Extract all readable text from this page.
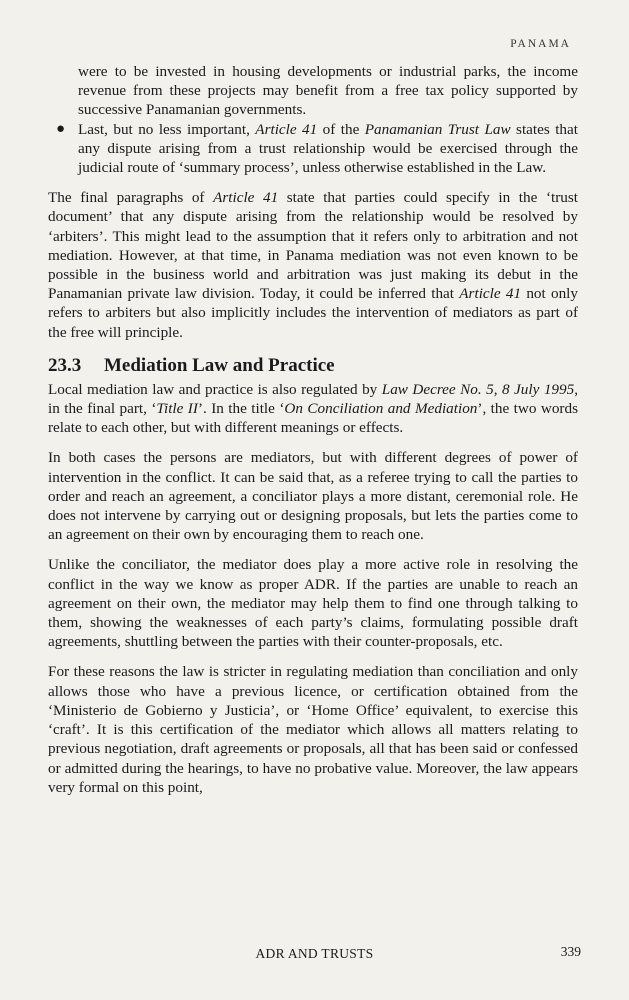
PANAMA

were to be invested in housing developments or industrial parks, the income revenue from these projects may benefit from a free tax policy supported by successive Panamanian governments.

● Last, but no less important, Article 41 of the Panamanian Trust Law states that any dispute arising from a trust relationship would be exercised through the judicial route of ‘summary process’, unless otherwise established in the Law.

The final paragraphs of Article 41 state that parties could specify in the ‘trust document’ that any dispute arising from the relationship would be resolved by ‘arbiters’. This might lead to the assumption that it refers only to arbitration and not mediation. However, at that time, in Panama mediation was not even known to be possible in the business world and arbitration was just making its debut in the Panamanian private law division. Today, it could be inferred that Article 41 not only refers to arbiters but also implicitly includes the intervention of mediators as part of the free will principle.

23.3 Mediation Law and Practice

Local mediation law and practice is also regulated by Law Decree No. 5, 8 July 1995, in the final part, ‘Title II’. In the title ‘On Conciliation and Mediation’, the two words relate to each other, but with different meanings or effects.

In both cases the persons are mediators, but with different degrees of power of intervention in the conflict. It can be said that, as a referee trying to call the parties to order and reach an agreement, a conciliator plays a more distant, ceremonial role. He does not intervene by carrying out or designing proposals, but lets the parties come to an agreement on their own by encouraging them to reach one.

Unlike the conciliator, the mediator does play a more active role in resolving the conflict in the way we know as proper ADR. If the parties are unable to reach an agreement on their own, the mediator may help them to find one through talking to them, showing the weaknesses of each party’s claims, formulating possible draft agreements, shuttling between the parties with their counter-proposals, etc.

For these reasons the law is stricter in regulating mediation than conciliation and only allows those who have a previous licence, or certification obtained from the ‘Ministerio de Gobierno y Justicia’, or ‘Home Office’ equivalent, to exercise this ‘craft’. It is this certification of the mediator which allows all matters relating to previous negotiation, draft agreements or proposals, all that has been said or confessed or admitted during the hearings, to have no probative value. Moreover, the law appears very formal on this point,

ADR AND TRUSTS	339
